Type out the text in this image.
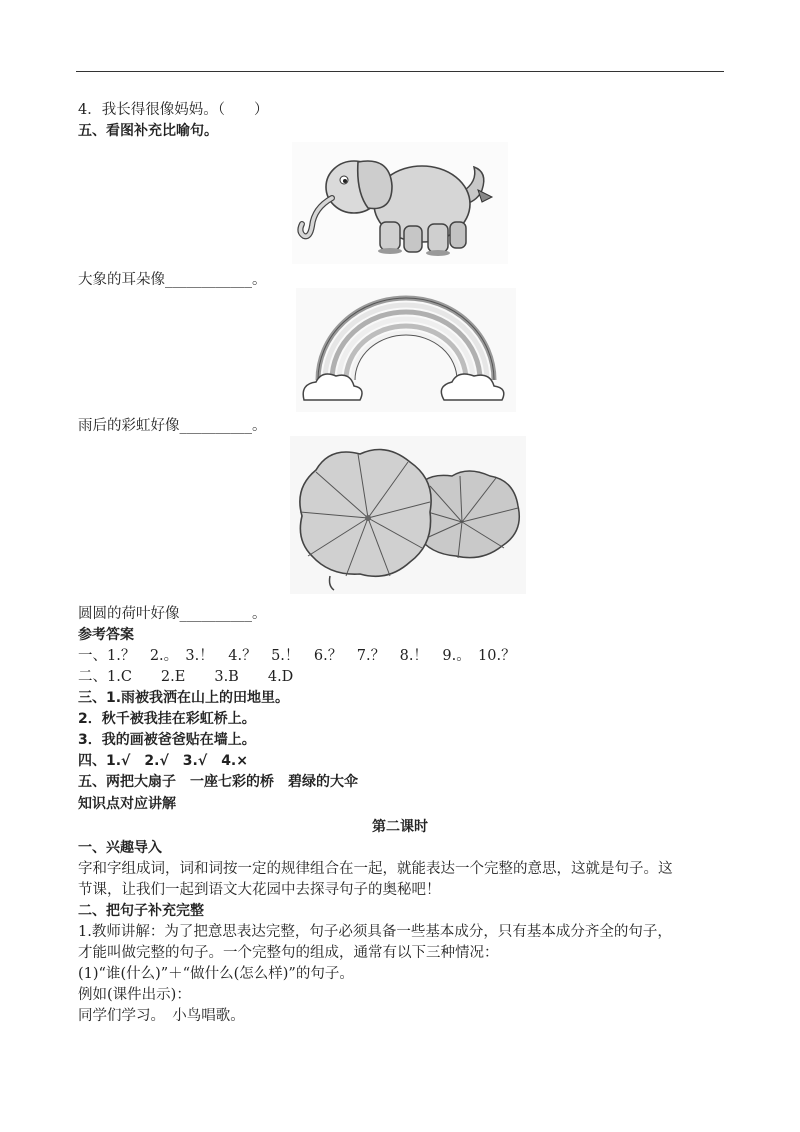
4．我长得很像妈妈。（　　）
五、看图补充比喻句。
大象的耳朵像____________。
雨后的彩虹好像__________。
圆圆的荷叶好像__________。
参考答案
一、1.？　2.。　3.！　4.？　5.！　6.？　7.？　8.！　9.。　10.？
二、1.C　　2.E　　3.B　　4.D
三、1.雨被我洒在山上的田地里。
2．秋千被我挂在彩虹桥上。
3．我的画被爸爸贴在墙上。
四、1.√　2.√　3.√　4.×
五、两把大扇子　一座七彩的桥　碧绿的大伞
知识点对应讲解
第二课时
一、兴趣导入
字和字组成词，词和词按一定的规律组合在一起，就能表达一个完整的意思，这就是句子。这
节课，让我们一起到语文大花园中去探寻句子的奥秘吧！
二、把句子补充完整
1.教师讲解：为了把意思表达完整，句子必须具备一些基本成分，只有基本成分齐全的句子，
才能叫做完整的句子。一个完整句的组成，通常有以下三种情况：
(1)“谁(什么)”＋“做什么(怎么样)”的句子。
例如(课件出示)：
同学们学习。　小鸟唱歌。
